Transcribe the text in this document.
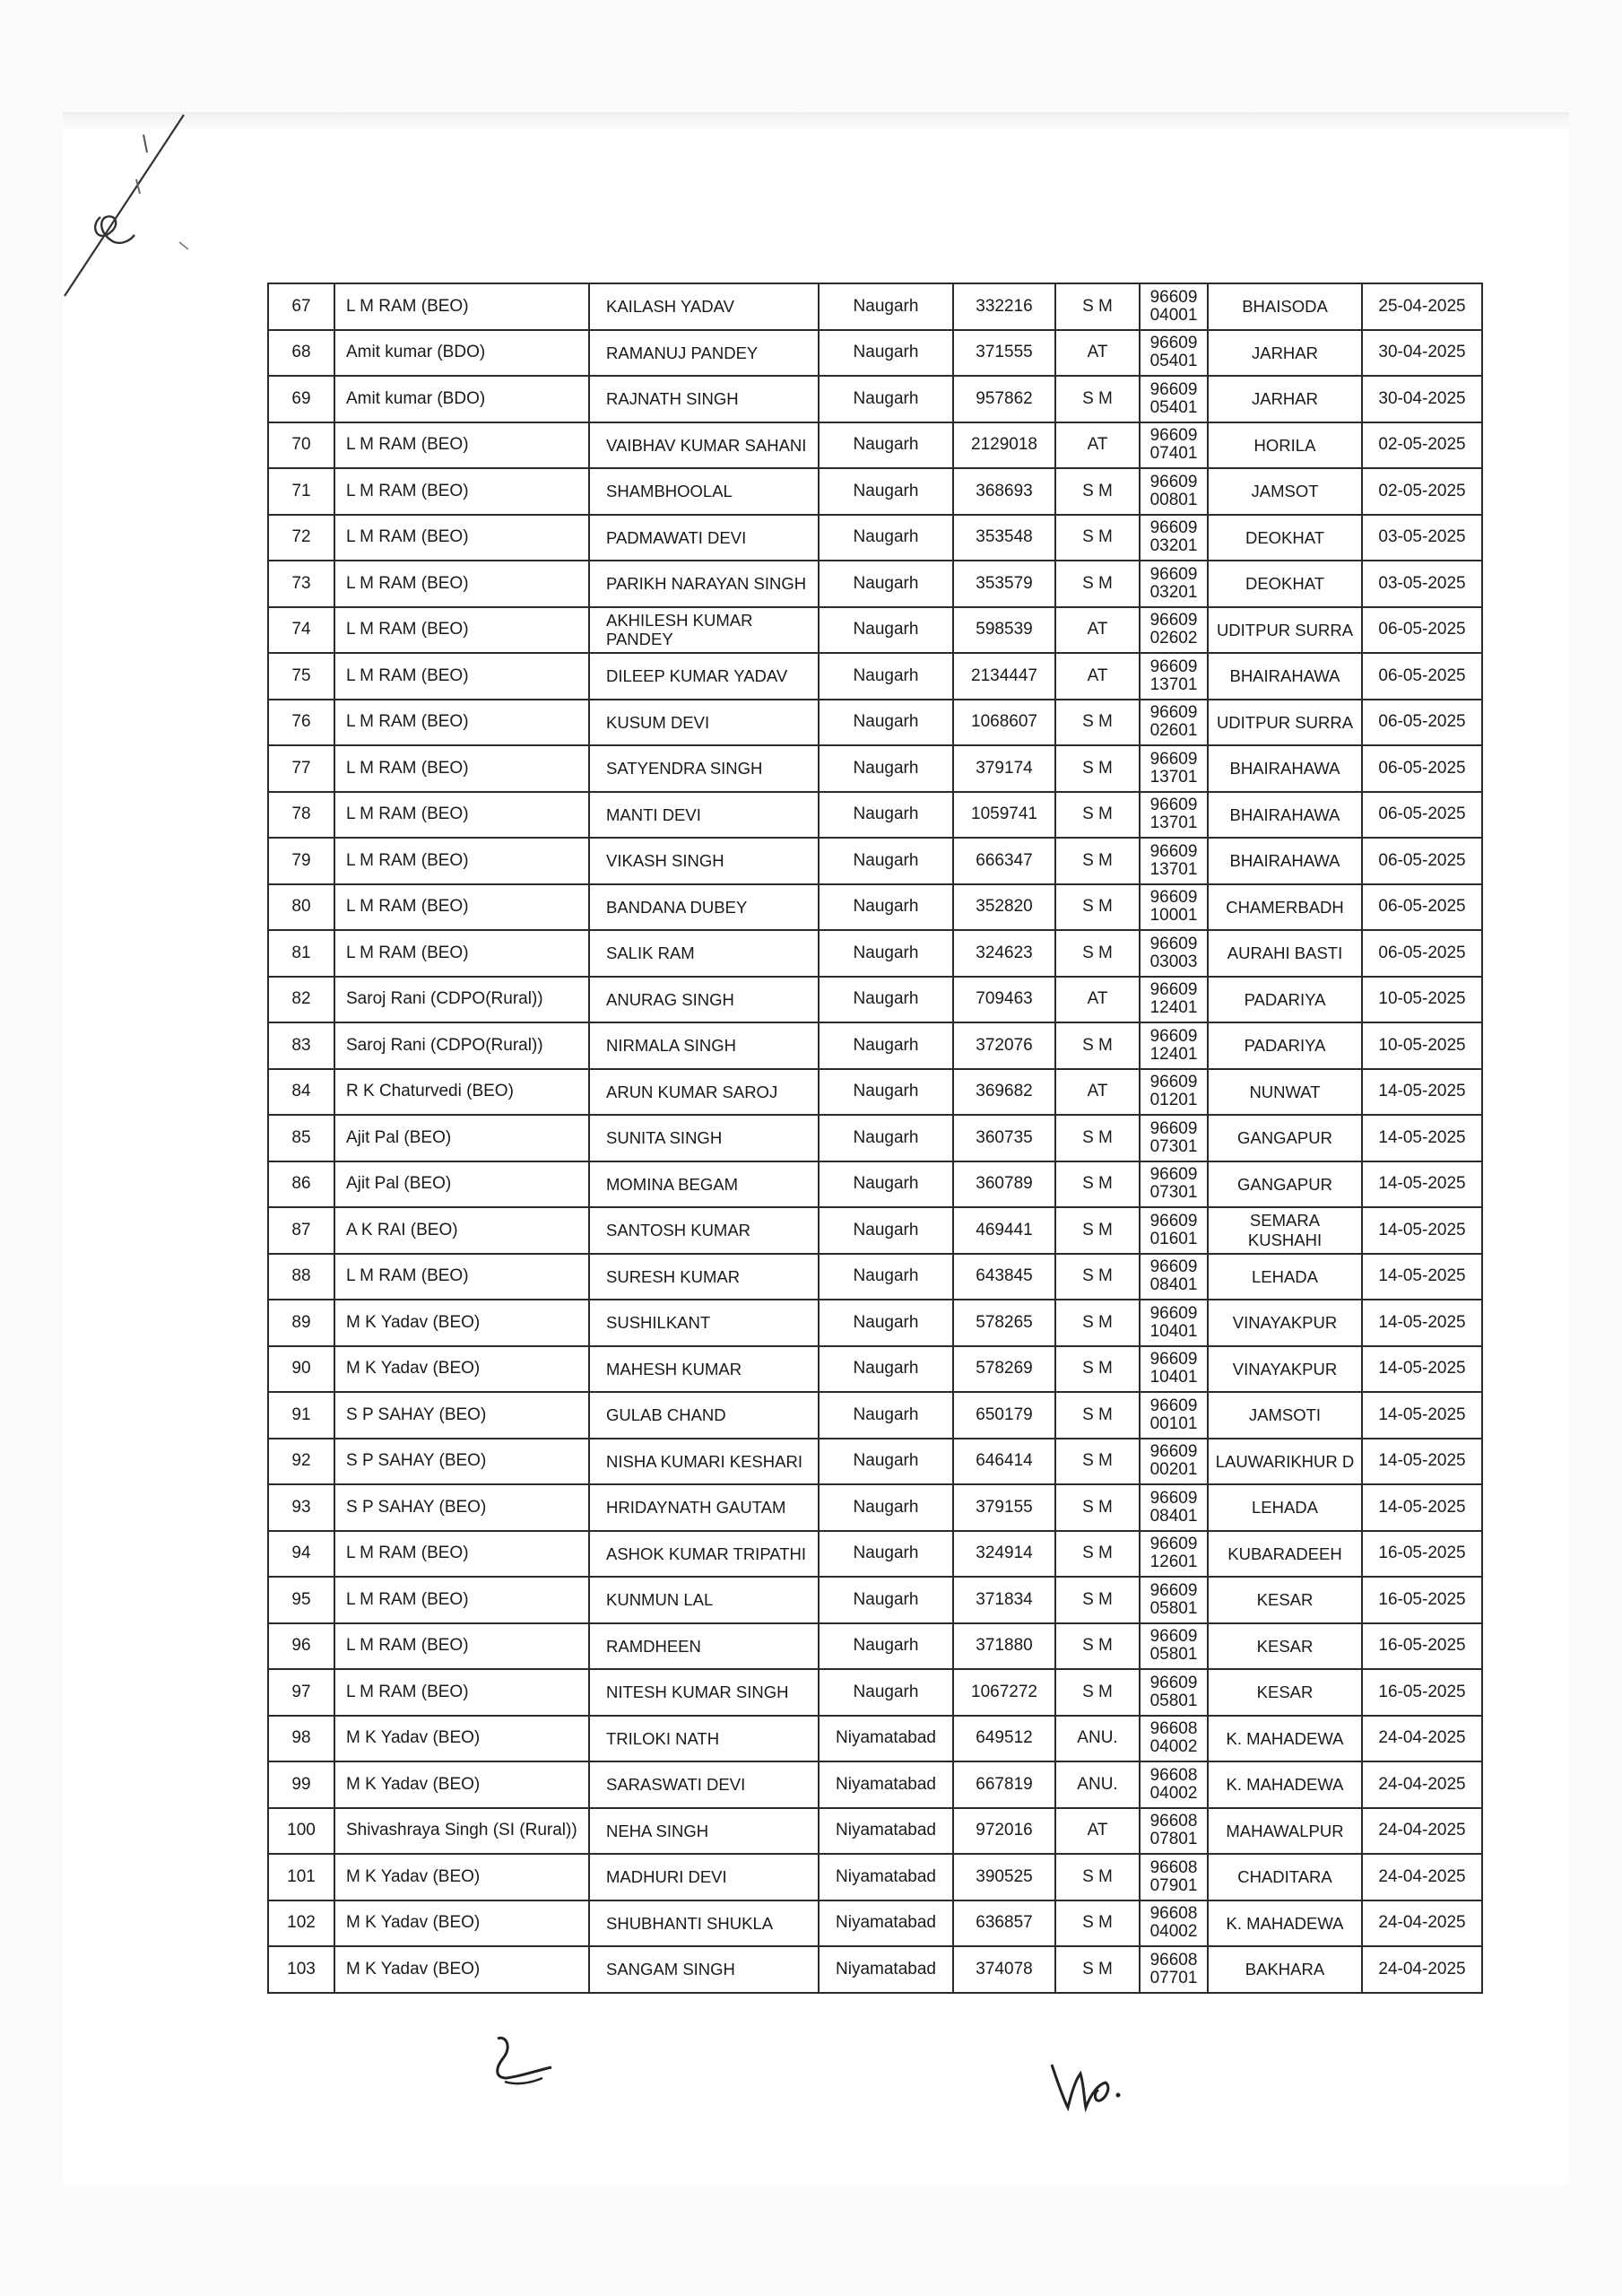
67	L M RAM (BEO)	KAILASH YADAV	Naugarh	332216	S M	96609 04001	BHAISODA	25-04-2025
68	Amit kumar (BDO)	RAMANUJ PANDEY	Naugarh	371555	AT	96609 05401	JARHAR	30-04-2025
69	Amit kumar (BDO)	RAJNATH SINGH	Naugarh	957862	S M	96609 05401	JARHAR	30-04-2025
70	L M RAM (BEO)	VAIBHAV KUMAR SAHANI	Naugarh	2129018	AT	96609 07401	HORILA	02-05-2025
71	L M RAM (BEO)	SHAMBHOOLAL	Naugarh	368693	S M	96609 00801	JAMSOT	02-05-2025
72	L M RAM (BEO)	PADMAWATI DEVI	Naugarh	353548	S M	96609 03201	DEOKHAT	03-05-2025
73	L M RAM (BEO)	PARIKH NARAYAN SINGH	Naugarh	353579	S M	96609 03201	DEOKHAT	03-05-2025
74	L M RAM (BEO)	AKHILESH KUMAR PANDEY	Naugarh	598539	AT	96609 02602	UDITPUR SURRA	06-05-2025
75	L M RAM (BEO)	DILEEP KUMAR YADAV	Naugarh	2134447	AT	96609 13701	BHAIRAHAWA	06-05-2025
76	L M RAM (BEO)	KUSUM DEVI	Naugarh	1068607	S M	96609 02601	UDITPUR SURRA	06-05-2025
77	L M RAM (BEO)	SATYENDRA SINGH	Naugarh	379174	S M	96609 13701	BHAIRAHAWA	06-05-2025
78	L M RAM (BEO)	MANTI DEVI	Naugarh	1059741	S M	96609 13701	BHAIRAHAWA	06-05-2025
79	L M RAM (BEO)	VIKASH SINGH	Naugarh	666347	S M	96609 13701	BHAIRAHAWA	06-05-2025
80	L M RAM (BEO)	BANDANA DUBEY	Naugarh	352820	S M	96609 10001	CHAMERBADH	06-05-2025
81	L M RAM (BEO)	SALIK RAM	Naugarh	324623	S M	96609 03003	AURAHI BASTI	06-05-2025
82	Saroj Rani (CDPO(Rural))	ANURAG SINGH	Naugarh	709463	AT	96609 12401	PADARIYA	10-05-2025
83	Saroj Rani (CDPO(Rural))	NIRMALA SINGH	Naugarh	372076	S M	96609 12401	PADARIYA	10-05-2025
84	R K Chaturvedi (BEO)	ARUN KUMAR SAROJ	Naugarh	369682	AT	96609 01201	NUNWAT	14-05-2025
85	Ajit Pal (BEO)	SUNITA SINGH	Naugarh	360735	S M	96609 07301	GANGAPUR	14-05-2025
86	Ajit Pal (BEO)	MOMINA BEGAM	Naugarh	360789	S M	96609 07301	GANGAPUR	14-05-2025
87	A K RAI (BEO)	SANTOSH KUMAR	Naugarh	469441	S M	96609 01601	SEMARA KUSHAHI	14-05-2025
88	L M RAM (BEO)	SURESH KUMAR	Naugarh	643845	S M	96609 08401	LEHADA	14-05-2025
89	M K Yadav (BEO)	SUSHILKANT	Naugarh	578265	S M	96609 10401	VINAYAKPUR	14-05-2025
90	M K Yadav (BEO)	MAHESH KUMAR	Naugarh	578269	S M	96609 10401	VINAYAKPUR	14-05-2025
91	S P SAHAY (BEO)	GULAB CHAND	Naugarh	650179	S M	96609 00101	JAMSOTI	14-05-2025
92	S P SAHAY (BEO)	NISHA KUMARI KESHARI	Naugarh	646414	S M	96609 00201	LAUWARIKHUR D	14-05-2025
93	S P SAHAY (BEO)	HRIDAYNATH GAUTAM	Naugarh	379155	S M	96609 08401	LEHADA	14-05-2025
94	L M RAM (BEO)	ASHOK KUMAR TRIPATHI	Naugarh	324914	S M	96609 12601	KUBARADEEH	16-05-2025
95	L M RAM (BEO)	KUNMUN LAL	Naugarh	371834	S M	96609 05801	KESAR	16-05-2025
96	L M RAM (BEO)	RAMDHEEN	Naugarh	371880	S M	96609 05801	KESAR	16-05-2025
97	L M RAM (BEO)	NITESH KUMAR SINGH	Naugarh	1067272	S M	96609 05801	KESAR	16-05-2025
98	M K Yadav (BEO)	TRILOKI NATH	Niyamatabad	649512	ANU.	96608 04002	K. MAHADEWA	24-04-2025
99	M K Yadav (BEO)	SARASWATI DEVI	Niyamatabad	667819	ANU.	96608 04002	K. MAHADEWA	24-04-2025
100	Shivashraya Singh (SI (Rural))	NEHA SINGH	Niyamatabad	972016	AT	96608 07801	MAHAWALPUR	24-04-2025
101	M K Yadav (BEO)	MADHURI DEVI	Niyamatabad	390525	S M	96608 07901	CHADITARA	24-04-2025
102	M K Yadav (BEO)	SHUBHANTI SHUKLA	Niyamatabad	636857	S M	96608 04002	K. MAHADEWA	24-04-2025
103	M K Yadav (BEO)	SANGAM SINGH	Niyamatabad	374078	S M	96608 07701	BAKHARA	24-04-2025
